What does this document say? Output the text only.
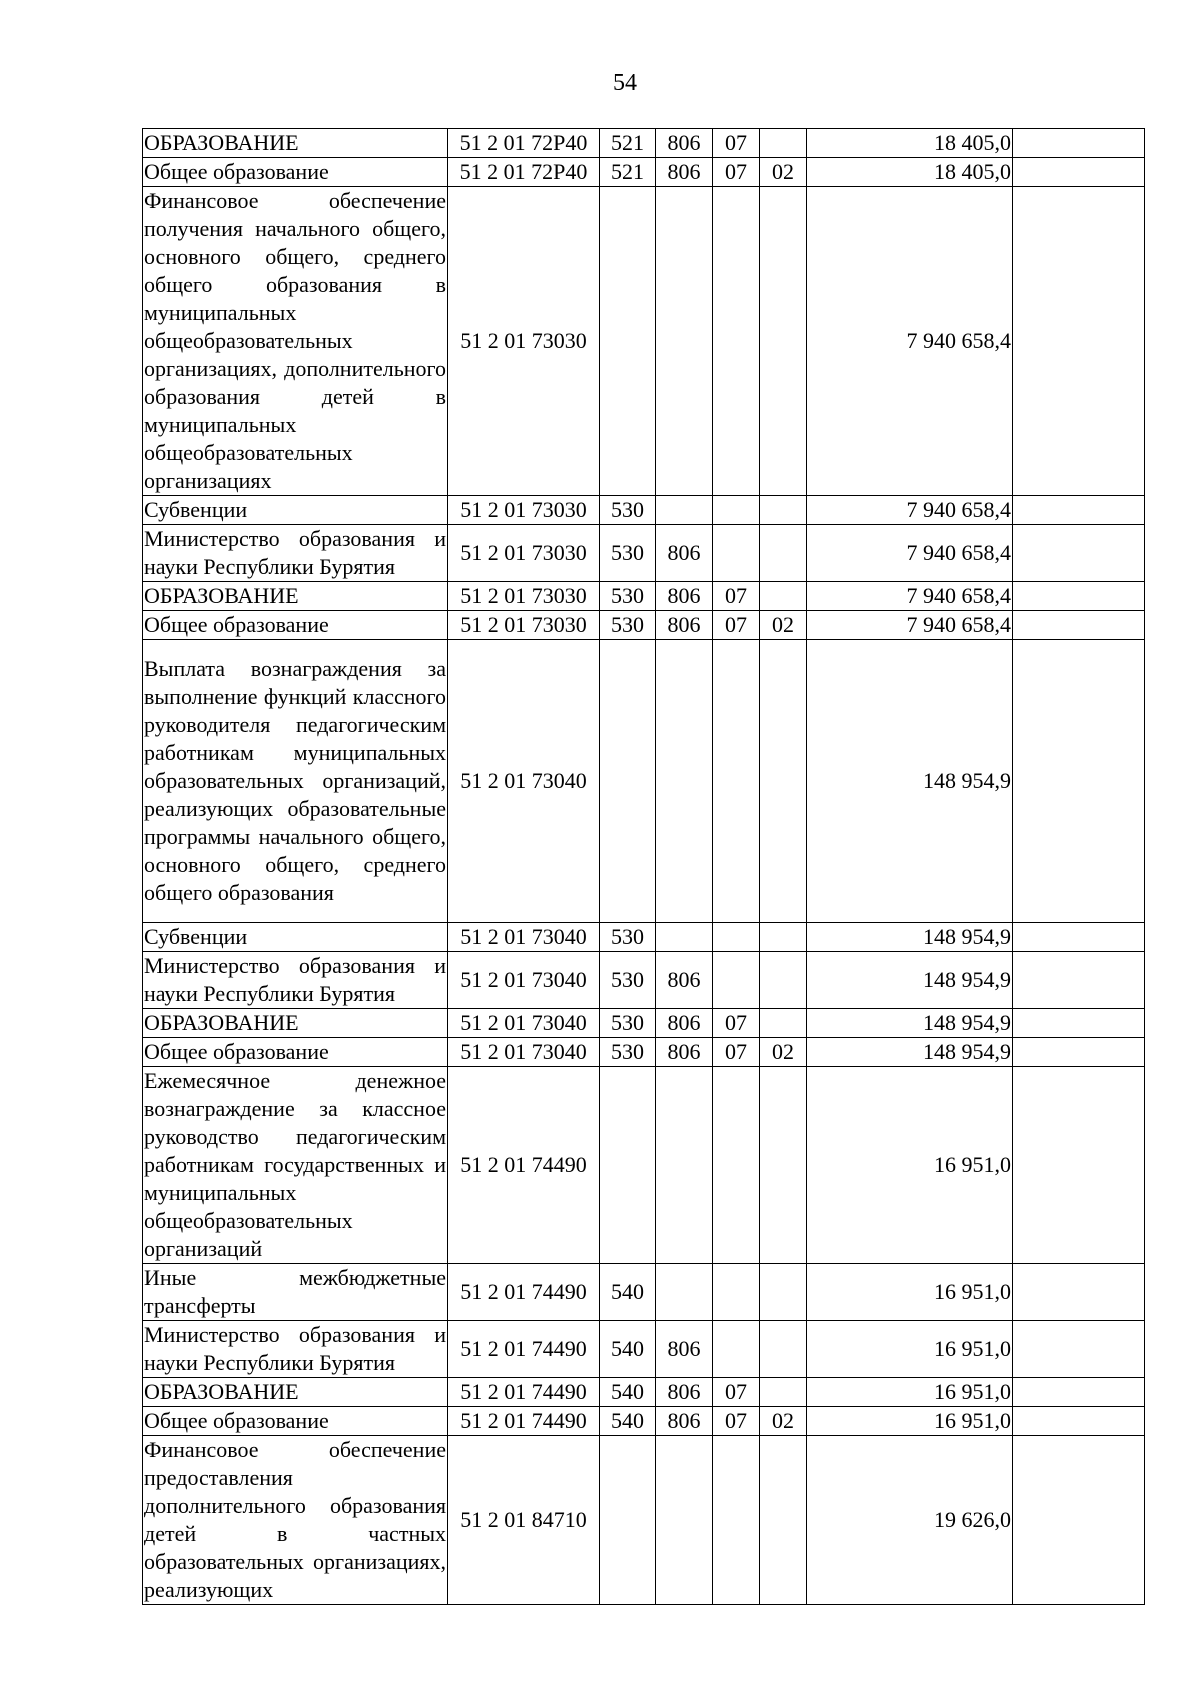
54
ОБРАЗОВАНИЕ	51 2 01 72Р40	521	806	07		18 405,0	
Общее образование	51 2 01 72Р40	521	806	07	02	18 405,0	
Финансовое обеспечение получения начального общего, основного общего, среднего общего образования в муниципальных общеобразовательных организациях, дополнительного образования детей в муниципальных общеобразовательных организациях	51 2 01 73030					7 940 658,4	
Субвенции	51 2 01 73030	530				7 940 658,4	
Министерство образования и науки Республики Бурятия	51 2 01 73030	530	806			7 940 658,4	
ОБРАЗОВАНИЕ	51 2 01 73030	530	806	07		7 940 658,4	
Общее образование	51 2 01 73030	530	806	07	02	7 940 658,4	
Выплата вознаграждения за выполнение функций классного руководителя педагогическим работникам муниципальных образовательных организаций, реализующих образовательные программы начального общего, основного общего, среднего общего образования	51 2 01 73040					148 954,9	
Субвенции	51 2 01 73040	530				148 954,9	
Министерство образования и науки Республики Бурятия	51 2 01 73040	530	806			148 954,9	
ОБРАЗОВАНИЕ	51 2 01 73040	530	806	07		148 954,9	
Общее образование	51 2 01 73040	530	806	07	02	148 954,9	
Ежемесячное денежное вознаграждение за классное руководство педагогическим работникам государственных и муниципальных общеобразовательных организаций	51 2 01 74490					16 951,0	
Иные межбюджетные трансферты	51 2 01 74490	540				16 951,0	
Министерство образования и науки Республики Бурятия	51 2 01 74490	540	806			16 951,0	
ОБРАЗОВАНИЕ	51 2 01 74490	540	806	07		16 951,0	
Общее образование	51 2 01 74490	540	806	07	02	16 951,0	
Финансовое обеспечение предоставления дополнительного образования детей в частных образовательных организациях, реализующих	51 2 01 84710					19 626,0	
